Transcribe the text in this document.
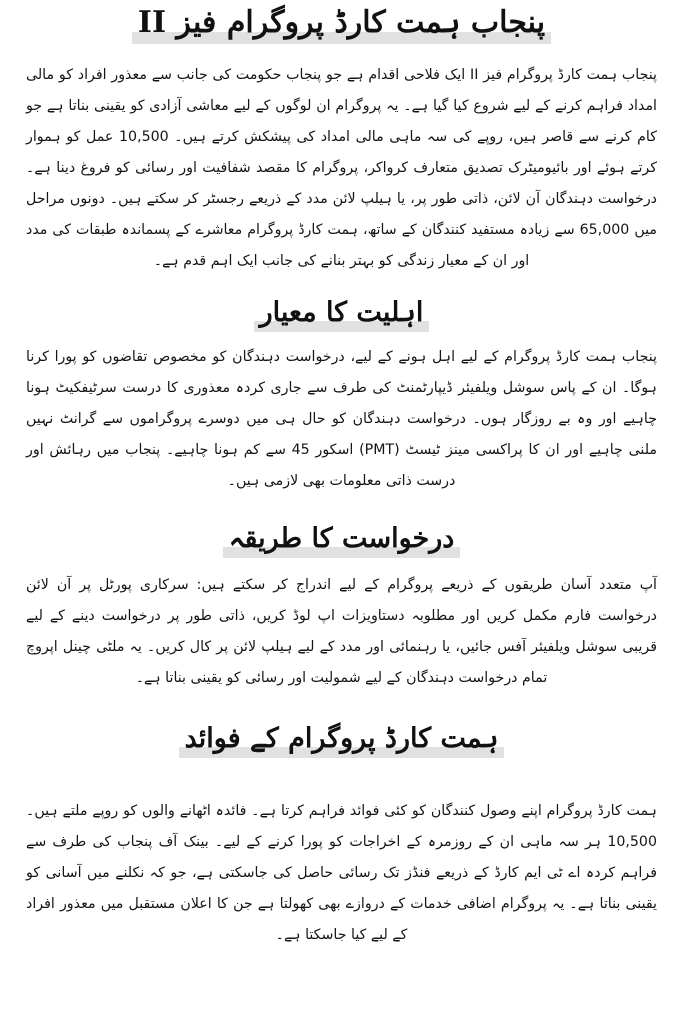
پنجاب ہمت کارڈ پروگرام فیز II

پنجاب ہمت کارڈ پروگرام فیز II ایک فلاحی اقدام ہے جو پنجاب حکومت کی جانب سے معذور افراد کو مالی امداد فراہم کرنے کے لیے شروع کیا گیا ہے۔ یہ پروگرام ان لوگوں کے لیے معاشی آزادی کو یقینی بناتا ہے جو کام کرنے سے قاصر ہیں، روپے کی سہ ماہی مالی امداد کی پیشکش کرتے ہیں۔ 10,500 عمل کو ہموار کرتے ہوئے اور بائیومیٹرک تصدیق متعارف کرواکر، پروگرام کا مقصد شفافیت اور رسائی کو فروغ دینا ہے۔ درخواست دہندگان آن لائن، ذاتی طور پر، یا ہیلپ لائن مدد کے ذریعے رجسٹر کر سکتے ہیں۔ دونوں مراحل میں 65,000 سے زیادہ مستفید کنندگان کے ساتھ، ہمت کارڈ پروگرام معاشرے کے پسماندہ طبقات کی مدد اور ان کے معیار زندگی کو بہتر بنانے کی جانب ایک اہم قدم ہے۔

اہلیت کا معیار

پنجاب ہمت کارڈ پروگرام کے لیے اہل ہونے کے لیے، درخواست دہندگان کو مخصوص تقاضوں کو پورا کرنا ہوگا۔ ان کے پاس سوشل ویلفیئر ڈیپارٹمنٹ کی طرف سے جاری کردہ معذوری کا درست سرٹیفکیٹ ہونا چاہیے اور وہ بے روزگار ہوں۔ درخواست دہندگان کو حال ہی میں دوسرے پروگراموں سے گرانٹ نہیں ملنی چاہیے اور ان کا پراکسی مینز ٹیسٹ (PMT) اسکور 45 سے کم ہونا چاہیے۔ پنجاب میں رہائش اور درست ذاتی معلومات بھی لازمی ہیں۔

درخواست کا طریقہ

آپ متعدد آسان طریقوں کے ذریعے پروگرام کے لیے اندراج کر سکتے ہیں: سرکاری پورٹل پر آن لائن درخواست فارم مکمل کریں اور مطلوبہ دستاویزات اپ لوڈ کریں، ذاتی طور پر درخواست دینے کے لیے قریبی سوشل ویلفیئر آفس جائیں، یا رہنمائی اور مدد کے لیے ہیلپ لائن پر کال کریں۔ یہ ملٹی چینل اپروچ تمام درخواست دہندگان کے لیے شمولیت اور رسائی کو یقینی بناتا ہے۔

ہمت کارڈ پروگرام کے فوائد

ہمت کارڈ پروگرام اپنے وصول کنندگان کو کئی فوائد فراہم کرتا ہے۔ فائدہ اٹھانے والوں کو روپے ملتے ہیں۔ 10,500 ہر سہ ماہی ان کے روزمرہ کے اخراجات کو پورا کرنے کے لیے۔ بینک آف پنجاب کی طرف سے فراہم کردہ اے ٹی ایم کارڈ کے ذریعے فنڈز تک رسائی حاصل کی جاسکتی ہے، جو کہ نکلنے میں آسانی کو یقینی بناتا ہے۔ یہ پروگرام اضافی خدمات کے دروازے بھی کھولتا ہے جن کا اعلان مستقبل میں معذور افراد کے لیے کیا جاسکتا ہے۔
